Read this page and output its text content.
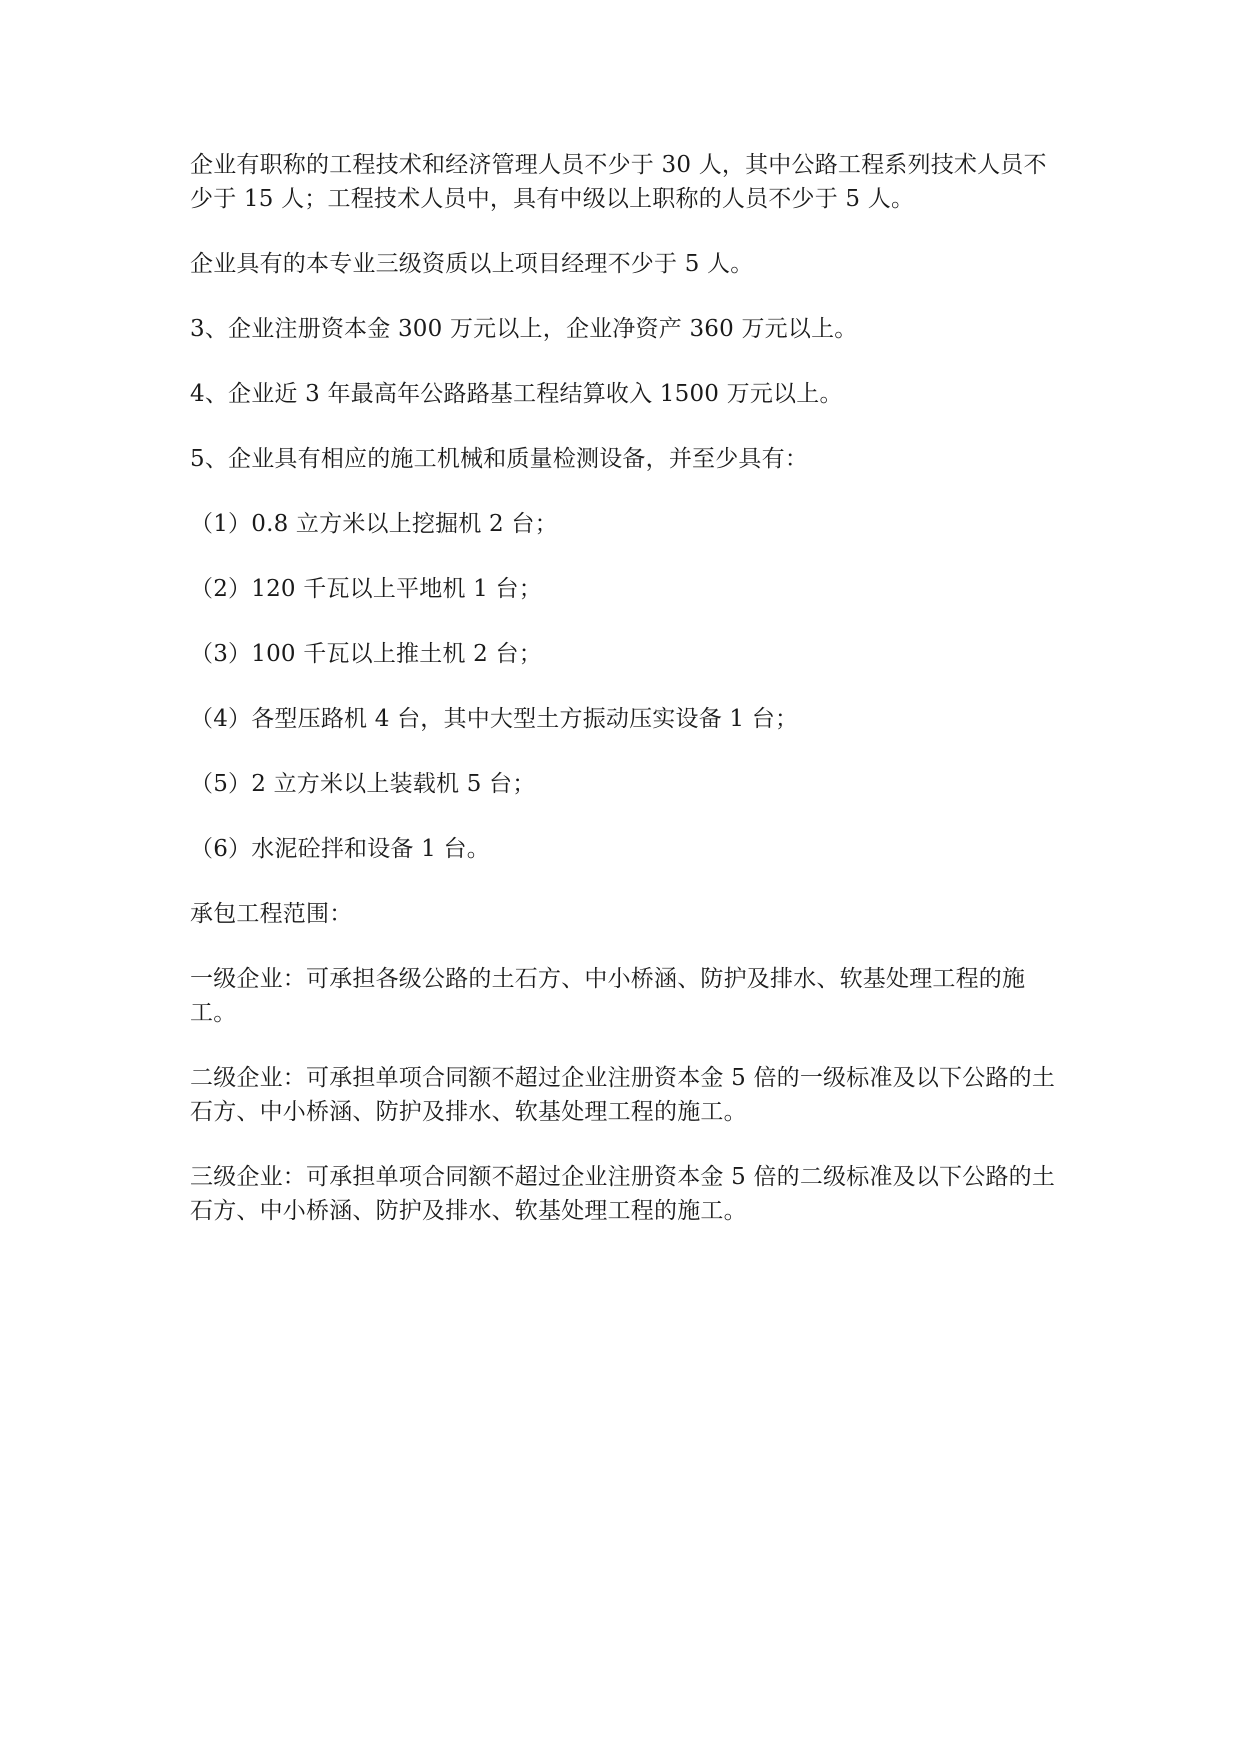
企业有职称的工程技术和经济管理人员不少于 30 人，其中公路工程系列技术人员不少于 15 人；工程技术人员中，具有中级以上职称的人员不少于 5 人。

企业具有的本专业三级资质以上项目经理不少于 5 人。

3、企业注册资本金 300 万元以上，企业净资产 360 万元以上。

4、企业近 3 年最高年公路路基工程结算收入 1500 万元以上。

5、企业具有相应的施工机械和质量检测设备，并至少具有：

（1）0.8 立方米以上挖掘机 2 台；

（2）120 千瓦以上平地机 1 台；

（3）100 千瓦以上推土机 2 台；

（4）各型压路机 4 台，其中大型土方振动压实设备 1 台；

（5）2 立方米以上装载机 5 台；

（6）水泥砼拌和设备 1 台。

承包工程范围：

一级企业：可承担各级公路的土石方、中小桥涵、防护及排水、软基处理工程的施工。

二级企业：可承担单项合同额不超过企业注册资本金 5 倍的一级标准及以下公路的土石方、中小桥涵、防护及排水、软基处理工程的施工。

三级企业：可承担单项合同额不超过企业注册资本金 5 倍的二级标准及以下公路的土石方、中小桥涵、防护及排水、软基处理工程的施工。
